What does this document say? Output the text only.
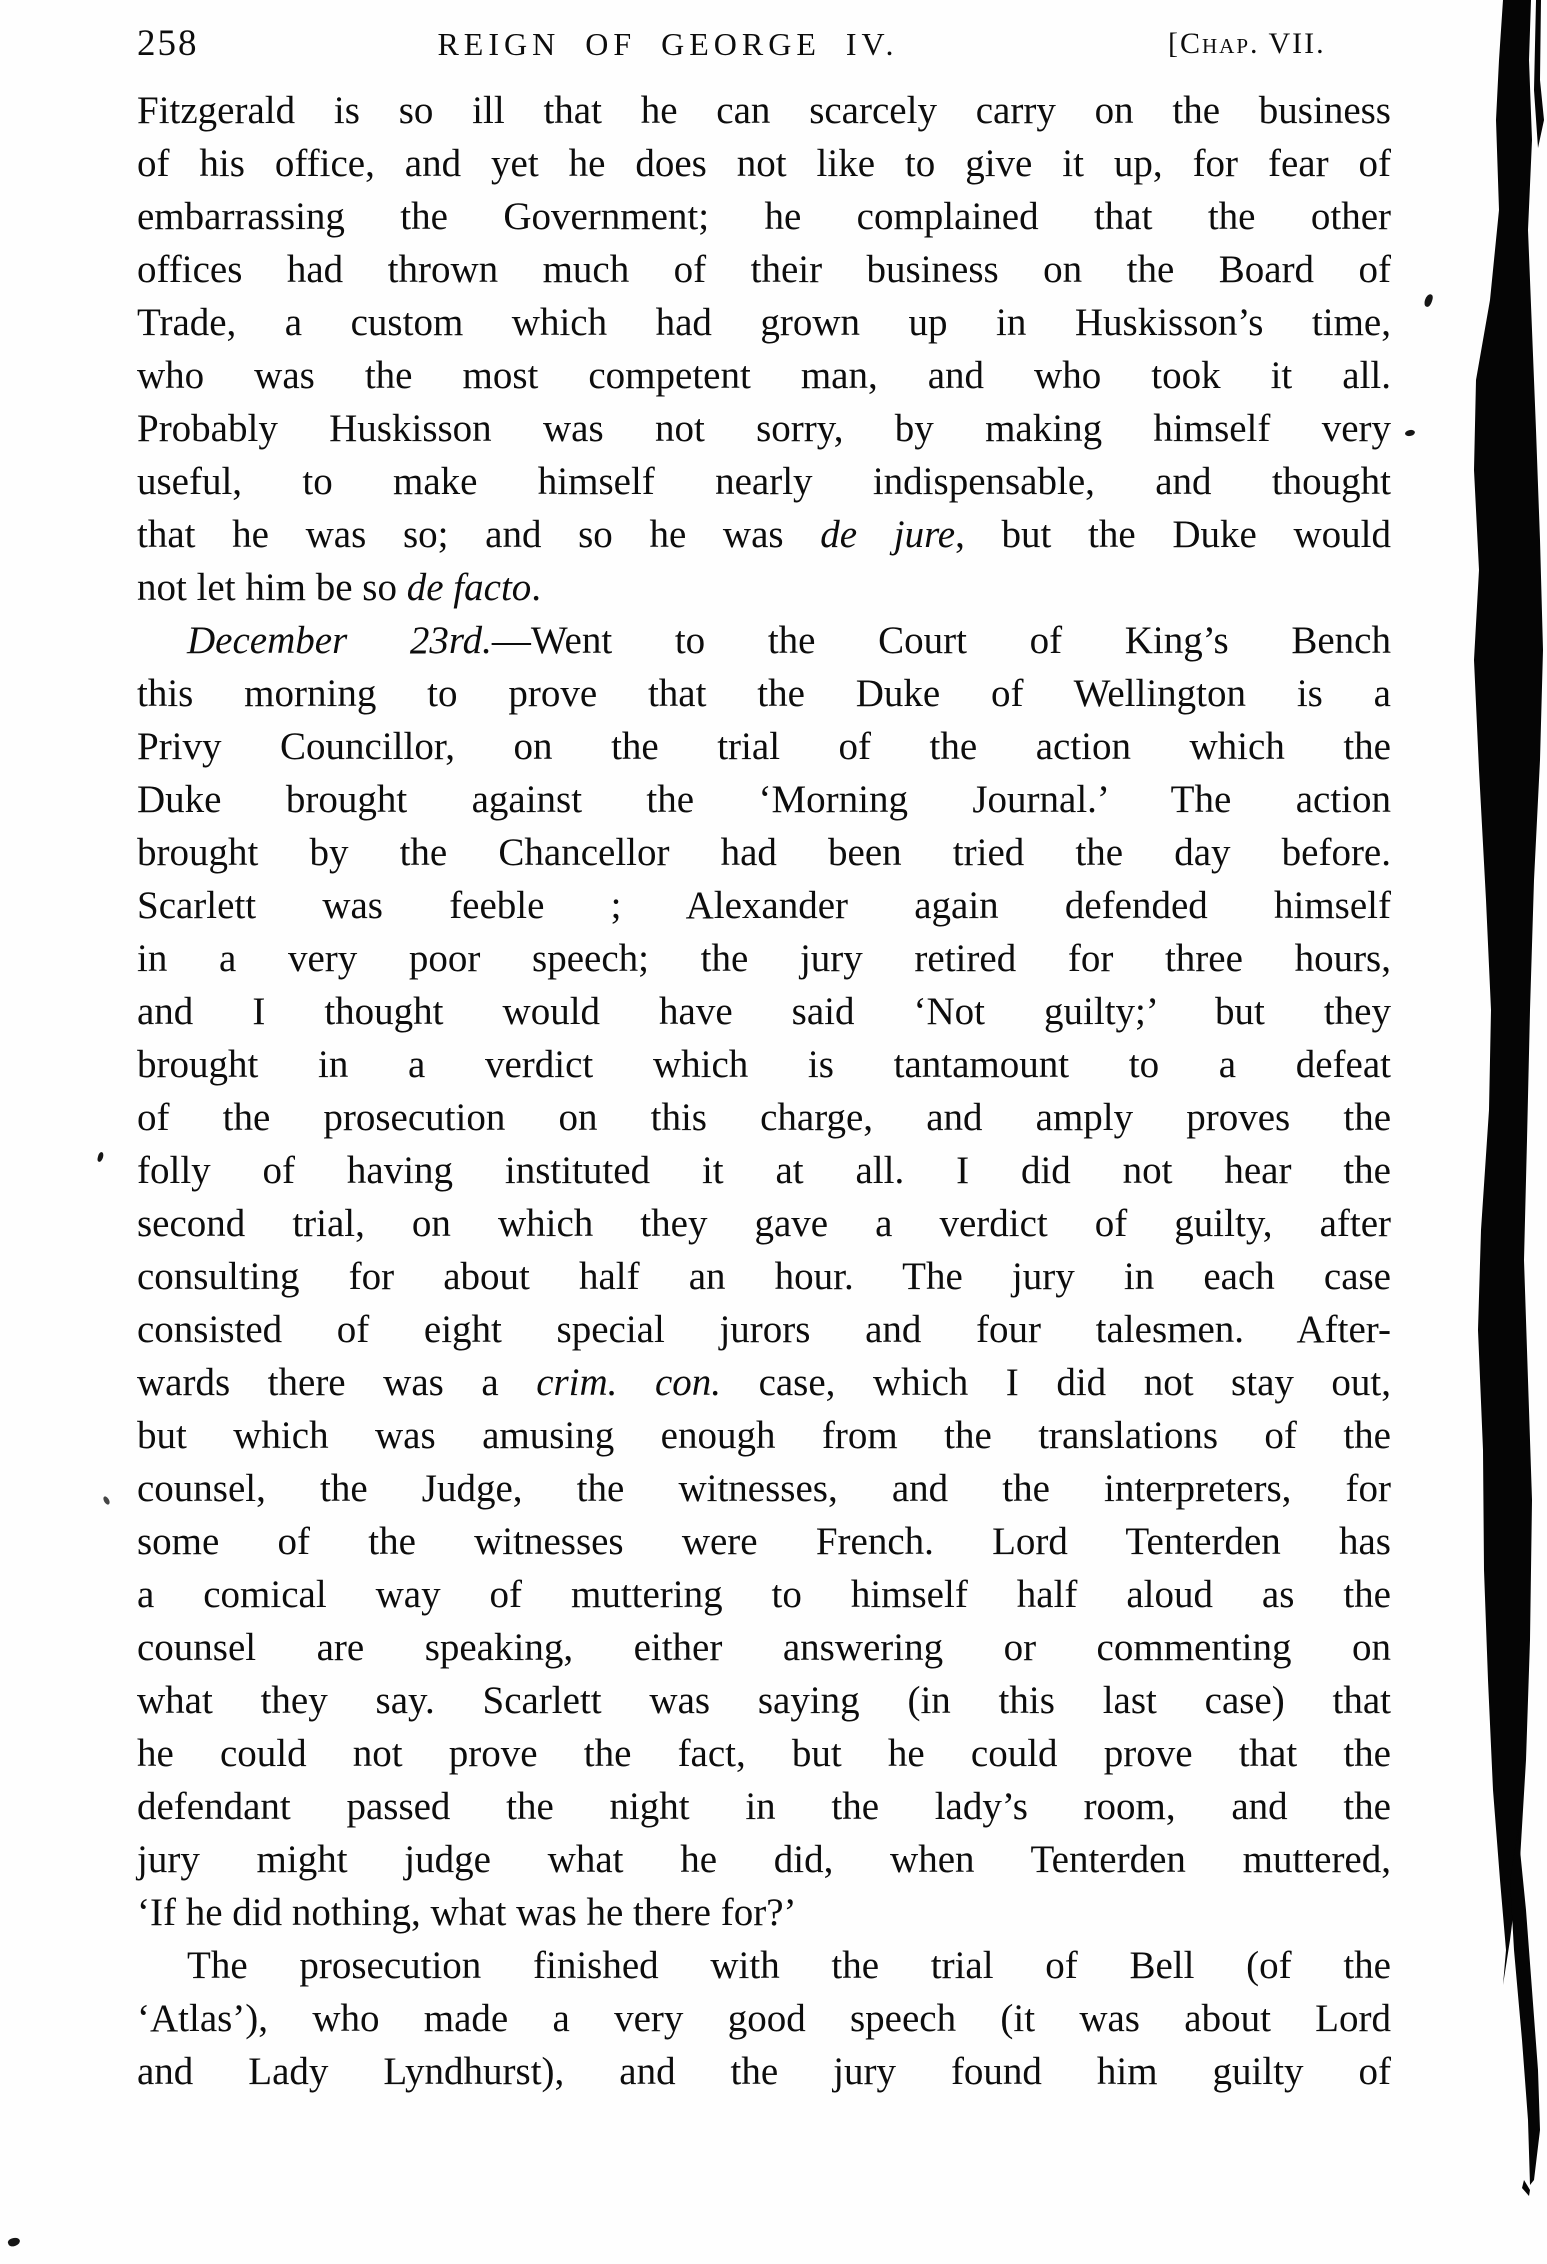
258	REIGN OF GEORGE IV.	[Chap. VII.
Fitzgerald is so ill that he can scarcely carry on the business
of his office, and yet he does not like to give it up, for fear of
embarrassing the Government; he complained that the other
offices had thrown much of their business on the Board of
Trade, a custom which had grown up in Huskisson’s time,
who was the most competent man, and who took it all.
Probably Huskisson was not sorry, by making himself very
useful, to make himself nearly indispensable, and thought
that he was so; and so he was de jure, but the Duke would
not let him be so de facto.
December 23rd.—Went to the Court of King’s Bench
this morning to prove that the Duke of Wellington is a
Privy Councillor, on the trial of the action which the
Duke brought against the ‘Morning Journal.’ The action
brought by the Chancellor had been tried the day before.
Scarlett was feeble ; Alexander again defended himself
in a very poor speech; the jury retired for three hours,
and I thought would have said ‘Not guilty;’ but they
brought in a verdict which is tantamount to a defeat
of the prosecution on this charge, and amply proves the
folly of having instituted it at all. I did not hear the
second trial, on which they gave a verdict of guilty, after
consulting for about half an hour. The jury in each case
consisted of eight special jurors and four talesmen. After-
wards there was a crim. con. case, which I did not stay out,
but which was amusing enough from the translations of the
counsel, the Judge, the witnesses, and the interpreters, for
some of the witnesses were French. Lord Tenterden has
a comical way of muttering to himself half aloud as the
counsel are speaking, either answering or commenting on
what they say. Scarlett was saying (in this last case) that
he could not prove the fact, but he could prove that the
defendant passed the night in the lady’s room, and the
jury might judge what he did, when Tenterden muttered,
‘If he did nothing, what was he there for?’
The prosecution finished with the trial of Bell (of the
‘Atlas’), who made a very good speech (it was about Lord
and Lady Lyndhurst), and the jury found him guilty of
